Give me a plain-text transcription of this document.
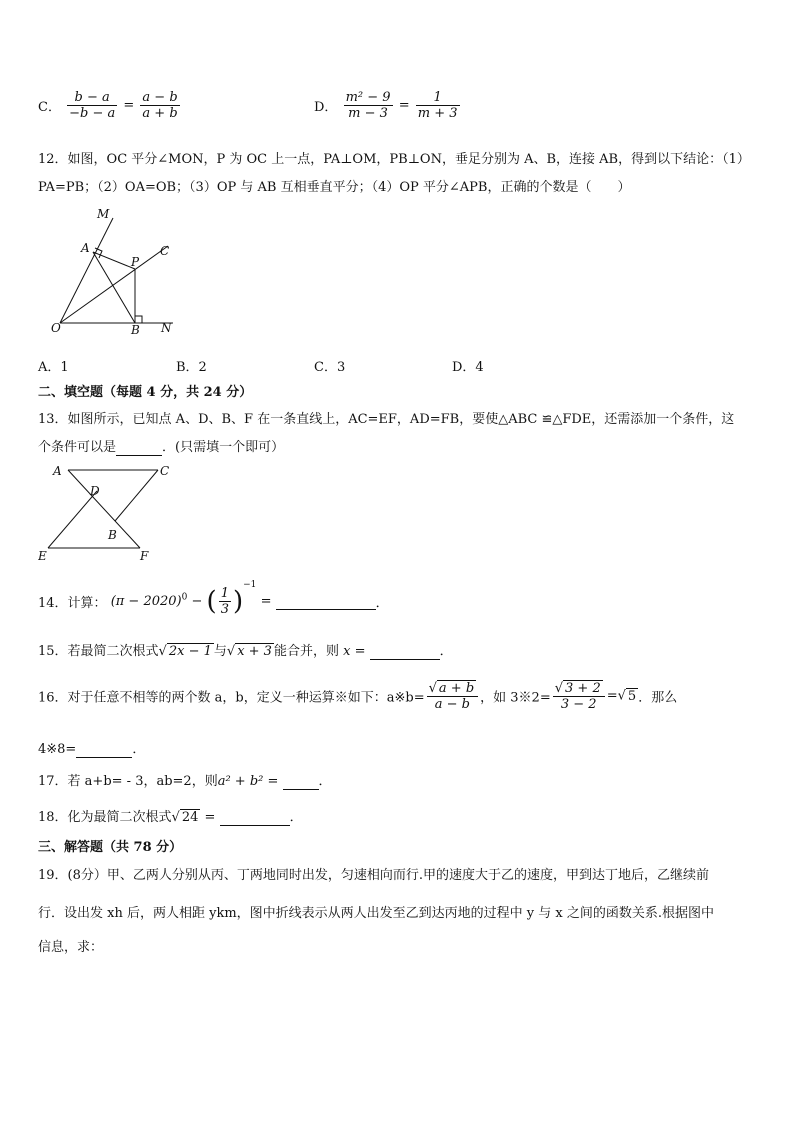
C． $\frac{b - a}{-b - a} = \frac{a - b}{a + b}$	D． $\frac{\text{m² − 9}}{m - 3} = \frac{1}{m + 3}$
12．如图，OC 平分∠MON，P 为 OC 上一点，PA⊥OM，PB⊥ON，垂足分别为 A、B，连接 AB，得到以下结论：（1）
PA=PB；（2）OA=OB；（3）OP 与 AB 互相垂直平分；（4）OP 平分∠APB，正确的个数是（　　）
M
A	C
P
O	B N
A．1	B．2	C．3	D．4
二、填空题（每题 4 分，共 24 分）
13．如图所示，已知点 A、D、B、F 在一条直线上，AC=EF，AD=FB，要使△ABC ≌△FDE，还需添加一个条件，这
个条件可以是	．(只需填一个即可）
A	C
D
B
E	F
14．计算： $(\pi - 2020)^0$ − ( $\frac{1}{3} )^{-1}$ =	．
15．若最简二次根式√ 2x − 1 与√ x + 3 能合并，则 x =	．
16．对于任意不相等的两个数 a，b，定义一种运算※如下：a※b= $\frac{√ a + b}{a - b}$ ，如 3※2= $\frac{√ 3 + 2}{3 - 2}$ =√ 5 ．那么
4※8=	．
17．若 a+b= - 3，ab=2，则a² + b² =	．
18．化为最简二次根式√ 24 =	．
三、解答题（共 78 分）
19．(8分）甲、乙两人分别从丙、丁两地同时出发，匀速相向而行.甲的速度大于乙的速度，甲到达丁地后，乙继续前
行．设出发 xh 后，两人相距 ykm，图中折线表示从两人出发至乙到达丙地的过程中 y 与 x 之间的函数关系.根据图中
信息，求：
